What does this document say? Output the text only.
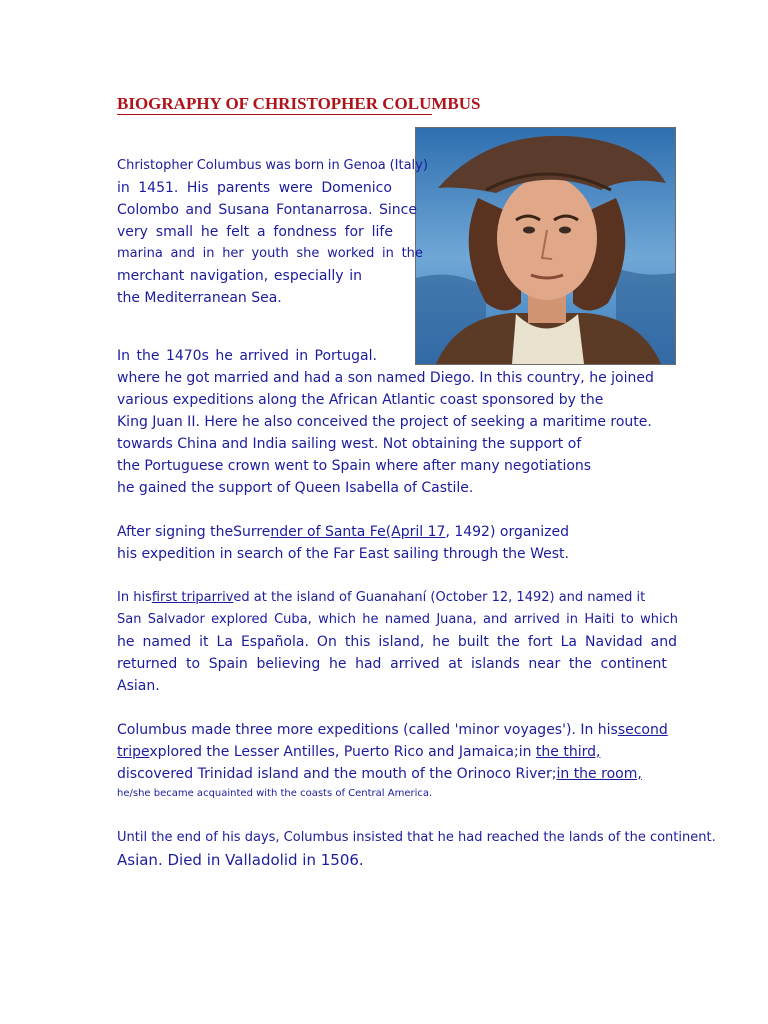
BIOGRAPHY OF CHRISTOPHER COLUMBUS
Christopher Columbus was born in Genoa (Italy)
in 1451. His parents were Domenico
Colombo and Susana Fontanarrosa. Since
very small he felt a fondness for life
marina and in her youth she worked in the
merchant navigation, especially in
the Mediterranean Sea.
In the 1470s he arrived in Portugal.
where he got married and had a son named Diego. In this country, he joined
various expeditions along the African Atlantic coast sponsored by the
King Juan II. Here he also conceived the project of seeking a maritime route.
towards China and India sailing west. Not obtaining the support of
the Portuguese crown went to Spain where after many negotiations
he gained the support of Queen Isabella of Castile.
After signing theSurrender of Santa Fe(April 17, 1492) organized
his expedition in search of the Far East sailing through the West.
In hisfirst triparrived at the island of Guanahaní (October 12, 1492) and named it
San Salvador explored Cuba, which he named Juana, and arrived in Haiti to which
he named it La Española. On this island, he built the fort La Navidad and
returned to Spain believing he had arrived at islands near the continent
Asian.
Columbus made three more expeditions (called 'minor voyages'). In hissecond
tripexplored the Lesser Antilles, Puerto Rico and Jamaica;in the third,
discovered Trinidad island and the mouth of the Orinoco River;in the room,
he/she became acquainted with the coasts of Central America.
Until the end of his days, Columbus insisted that he had reached the lands of the continent.
Asian. Died in Valladolid in 1506.
